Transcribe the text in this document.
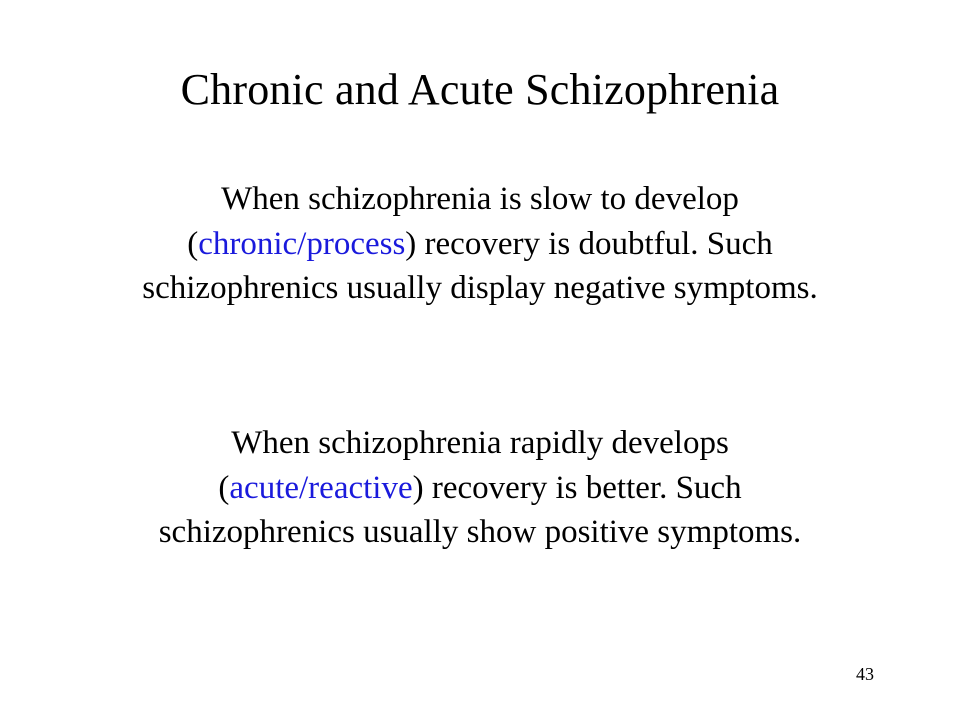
Chronic and Acute Schizophrenia
When schizophrenia is slow to develop (chronic/process) recovery is doubtful. Such schizophrenics usually display negative symptoms.
When schizophrenia rapidly develops (acute/reactive) recovery is better. Such schizophrenics usually show positive symptoms.
43
